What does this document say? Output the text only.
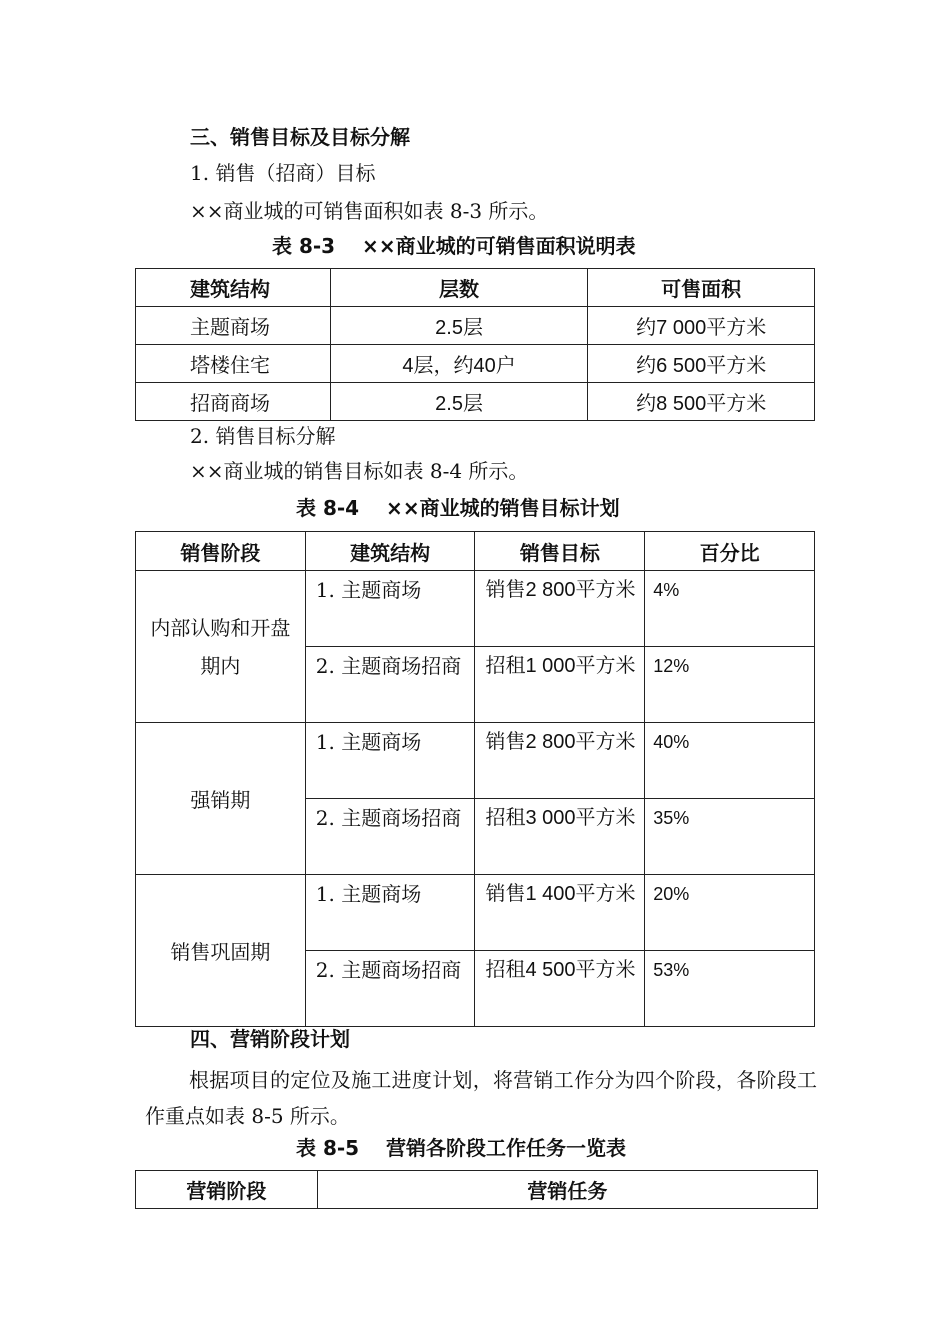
三、销售目标及目标分解
1. 销售（招商）目标
××商业城的可销售面积如表 8-3 所示。
表 8-3　 ××商业城的可销售面积说明表
建筑结构	层数	可售面积
主题商场	2.5层	约7 000平方米
塔楼住宅	4层，约40户	约6 500平方米
招商商场	2.5层	约8 500平方米
2. 销售目标分解
××商业城的销售目标如表 8-4 所示。
表 8-4　 ××商业城的销售目标计划
销售阶段	建筑结构	销售目标	百分比
内部认购和开盘期内	1. 主题商场	销售2 800平方米	4%
	2. 主题商场招商	招租1 000平方米	12%
强销期	1. 主题商场	销售2 800平方米	40%
	2. 主题商场招商	招租3 000平方米	35%
销售巩固期	1. 主题商场	销售1 400平方米	20%
	2. 主题商场招商	招租4 500平方米	53%
四、营销阶段计划
根据项目的定位及施工进度计划，将营销工作分为四个阶段，各阶段工作重点如表 8-5 所示。
表 8-5　 营销各阶段工作任务一览表
营销阶段	营销任务
